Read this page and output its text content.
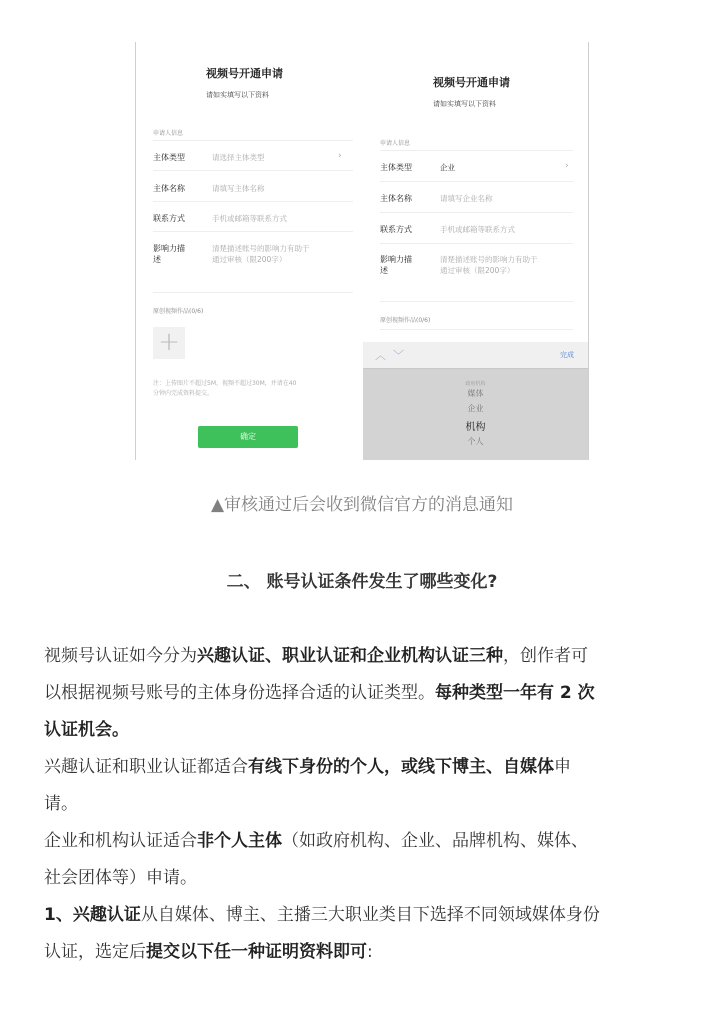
视频号开通申请
请如实填写以下资料
申请人信息
主体类型	请选择主体类型	›
主体名称	请填写主体名称
联系方式	手机或邮箱等联系方式
影响力描
述
清楚描述账号的影响力有助于
通过审核（限200字）
原创视频作品(0/6)
+
注：上传图片不超过5M，视频不超过30M，并请在40
分钟内完成资料提交。
确定
视频号开通申请
请如实填写以下资料
申请人信息
主体类型	企业	›
主体名称	请填写企业名称
联系方式	手机或邮箱等联系方式
影响力描
述
清楚描述账号的影响力有助于
通过审核（限200字）
原创视频作品(0/6)
︿ ﹀	完成
政府机构
媒体
企业
机构
个人
▲审核通过后会收到微信官方的消息通知
二、 账号认证条件发生了哪些变化?
视频号认证如今分为兴趣认证、职业认证和企业机构认证三种，创作者可
以根据视频号账号的主体身份选择合适的认证类型。每种类型一年有 2 次
认证机会。
兴趣认证和职业认证都适合有线下身份的个人，或线下博主、自媒体申
请。
企业和机构认证适合非个人主体（如政府机构、企业、品牌机构、媒体、
社会团体等）申请。
1、兴趣认证从自媒体、博主、主播三大职业类目下选择不同领域媒体身份
认证，选定后提交以下任一种证明资料即可:
